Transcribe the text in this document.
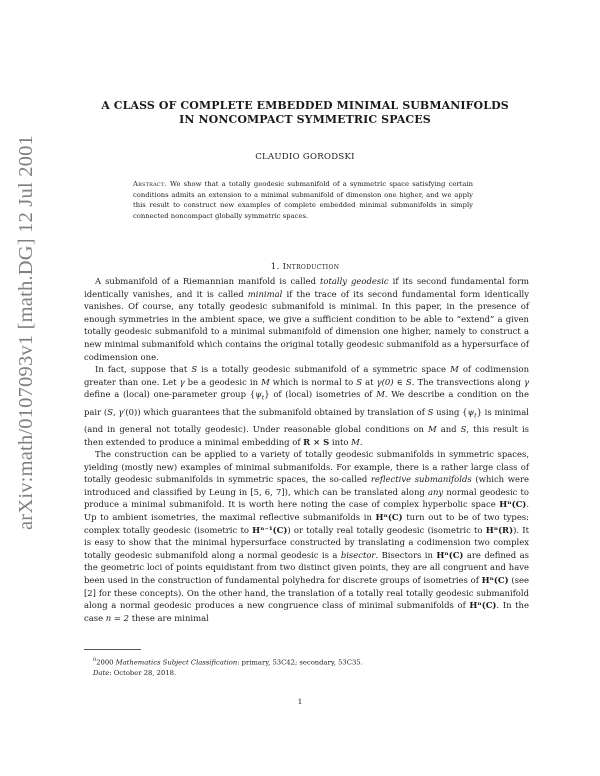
arXiv:math/0107093v1 [math.DG] 12 Jul 2001
A CLASS OF COMPLETE EMBEDDED MINIMAL SUBMANIFOLDS
IN NONCOMPACT SYMMETRIC SPACES
CLAUDIO GORODSKI
Abstract. We show that a totally geodesic submanifold of a symmetric space satisfying certain conditions admits an extension to a minimal submanifold of dimension one higher, and we apply this result to construct new examples of complete embedded minimal submanifolds in simply connected noncompact globally symmetric spaces.
1. Introduction

A submanifold of a Riemannian manifold is called totally geodesic if its second fundamental form identically vanishes, and it is called minimal if the trace of its second fundamental form identically vanishes. Of course, any totally geodesic submanifold is minimal. In this paper, in the presence of enough symmetries in the ambient space, we give a sufficient condition to be able to “extend” a given totally geodesic submanifold to a minimal submanifold of dimension one higher, namely to construct a new minimal submanifold which contains the original totally geodesic submanifold as a hypersurface of codimension one.

In fact, suppose that S is a totally geodesic submanifold of a symmetric space M of codimension greater than one. Let γ be a geodesic in M which is normal to S at γ(0) ∈ S. The transvections along γ define a (local) one-parameter group $\{\psi_t\}$ of (local) isometries of M. We describe a condition on the pair (S, γ′(0)) which guarantees that the submanifold obtained by translation of S using $\{\psi_t\}$ is minimal (and in general not totally geodesic). Under reasonable global conditions on M and S, this result is then extended to produce a minimal embedding of R × S into M.

The construction can be applied to a variety of totally geodesic submanifolds in symmetric spaces, yielding (mostly new) examples of minimal submanifolds. For example, there is a rather large class of totally geodesic submanifolds in symmetric spaces, the so-called reflective submanifolds (which were introduced and classified by Leung in [5, 6, 7]), which can be translated along any normal geodesic to produce a minimal submanifold. It is worth here noting the case of complex hyperbolic space Hⁿ(C). Up to ambient isometries, the maximal reflective submanifolds in Hⁿ(C) turn out to be of two types: complex totally geodesic (isometric to Hⁿ⁻¹(C)) or totally real totally geodesic (isometric to Hⁿ(R)). It is easy to show that the minimal hypersurface constructed by translating a codimension two complex totally geodesic submanifold along a normal geodesic is a bisector. Bisectors in Hⁿ(C) are defined as the geometric loci of points equidistant from two distinct given points, they are all congruent and have been used in the construction of fundamental polyhedra for discrete groups of isometries of Hⁿ(C) (see [2] for these concepts). On the other hand, the translation of a totally real totally geodesic submanifold along a normal geodesic produces a new congruence class of minimal submanifolds of Hⁿ(C). In the case n = 2 these are minimal

$^0$2000 Mathematics Subject Classification: primary, 53C42; secondary, 53C35.
Date: October 28, 2018.
1
